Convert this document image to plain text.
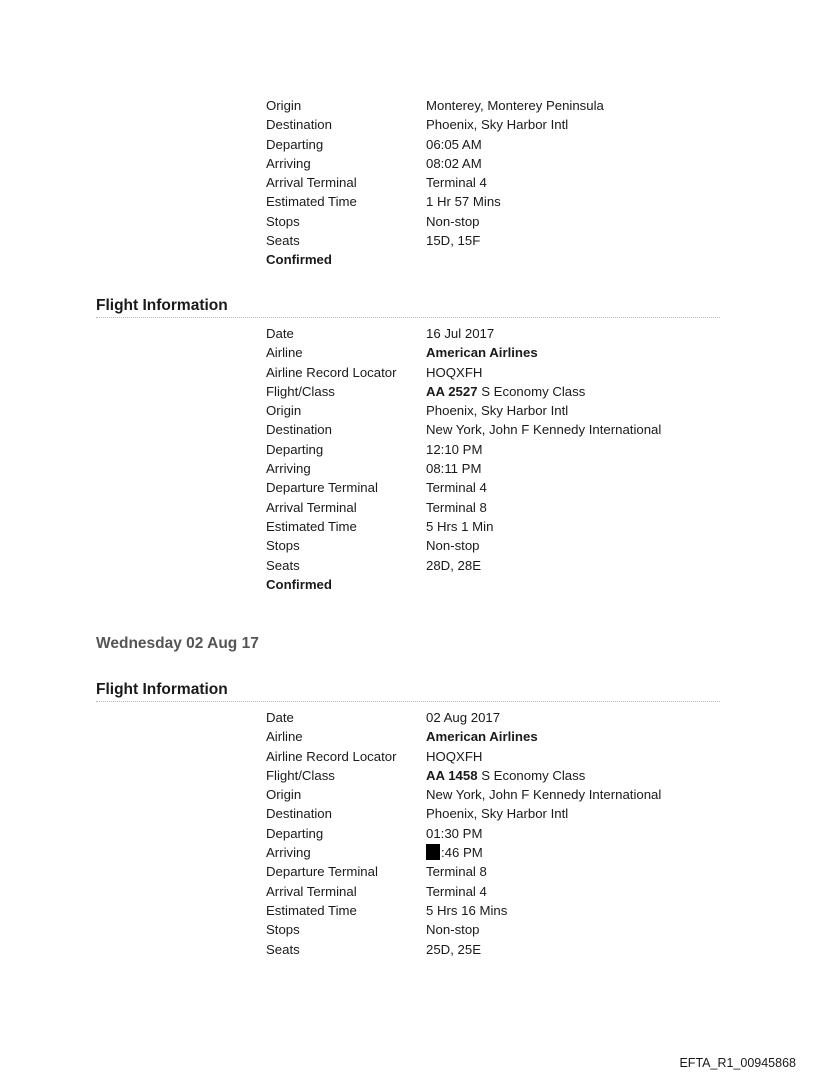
Origin	Monterey, Monterey Peninsula
Destination	Phoenix, Sky Harbor Intl
Departing	06:05 AM
Arriving	08:02 AM
Arrival Terminal	Terminal 4
Estimated Time	1 Hr 57 Mins
Stops	Non-stop
Seats	15D, 15F
Confirmed
Flight Information
Date	16 Jul 2017
Airline	American Airlines
Airline Record Locator HOQXFH
Flight/Class	AA 2527 S Economy Class
Origin	Phoenix, Sky Harbor Intl
Destination	New York, John F Kennedy International
Departing	12:10 PM
Arriving	08:11 PM
Departure Terminal	Terminal 4
Arrival Terminal	Terminal 8
Estimated Time	5 Hrs 1 Min
Stops	Non-stop
Seats	28D, 28E
Confirmed
Wednesday 02 Aug 17
Flight Information
Date	02 Aug 2017
Airline	American Airlines
Airline Record Locator HOQXFH
Flight/Class	AA 1458 S Economy Class
Origin	New York, John F Kennedy International
Destination	Phoenix, Sky Harbor Intl
Departing	01:30 PM
Arriving	:46 PM
Departure Terminal	Terminal 8
Arrival Terminal	Terminal 4
Estimated Time	5 Hrs 16 Mins
Stops	Non-stop
Seats	25D, 25E
EFTA_R1_00945868
